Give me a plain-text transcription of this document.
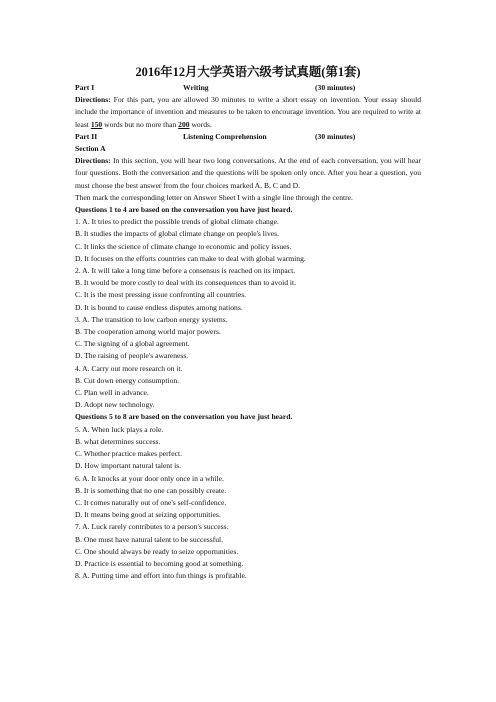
2016年12月大学英语六级考试真题(第1套)
Part I	Writing	(30 minutes)
Directions: For this part, you are allowed 30 minutes to write a short essay on invention. Your essay should include the importance of invention and measures to be taken to encourage invention. You are required to write at least 150 words but no more than 200 words.
Part II	Listening Comprehension	(30 minutes)
Section A
Directions: In this section, you will hear two long conversations. At the end of each conversation, you will hear four questions. Both the conversation and the questions will be spoken only once. After you hear a question, you must choose the best answer from the four choices marked A, B, C and D.
Then mark the corresponding letter on Answer Sheet I with a single line through the centre.
Questions 1 to 4 are based on the conversation you have just heard.
1. A. It tries to predict the possible trends of global climate change.
B. It studies the impacts of global climate change on people's lives.
C. It links the science of climate change to economic and policy issues.
D. It focuses on the efforts countries can make to deal with global warming.
2. A. It will take a long time before a consensus is reached on its impact.
B. It would be more costly to deal with its consequences than to avoid it.
C. It is the most pressing issue confronting all countries.
D. It is bound to cause endless disputes among nations.
3. A. The transition to low carbon energy systems.
B. The cooperation among world major powers.
C. The signing of a global agreement.
D. The raising of people's awareness.
4. A. Carry out more research on it.
B. Cut down energy consumption.
C. Plan well in advance.
D. Adopt new technology.
Questions 5 to 8 are based on the conversation you have just heard.
5. A. When luck plays a role.
B. what determines success.
C. Whether practice makes perfect.
D. How important natural talent is.
6. A. It knocks at your door only once in a while.
B. It is something that no one can possibly create.
C. It comes naturally out of one's self-confidence.
D. It means being good at seizing opportunities.
7. A. Luck rarely contributes to a person's success.
B. One must have natural talent to be successful.
C. One should always be ready to seize opportunities.
D. Practice is essential to becoming good at something.
8. A. Putting time and effort into fun things is profitable.
